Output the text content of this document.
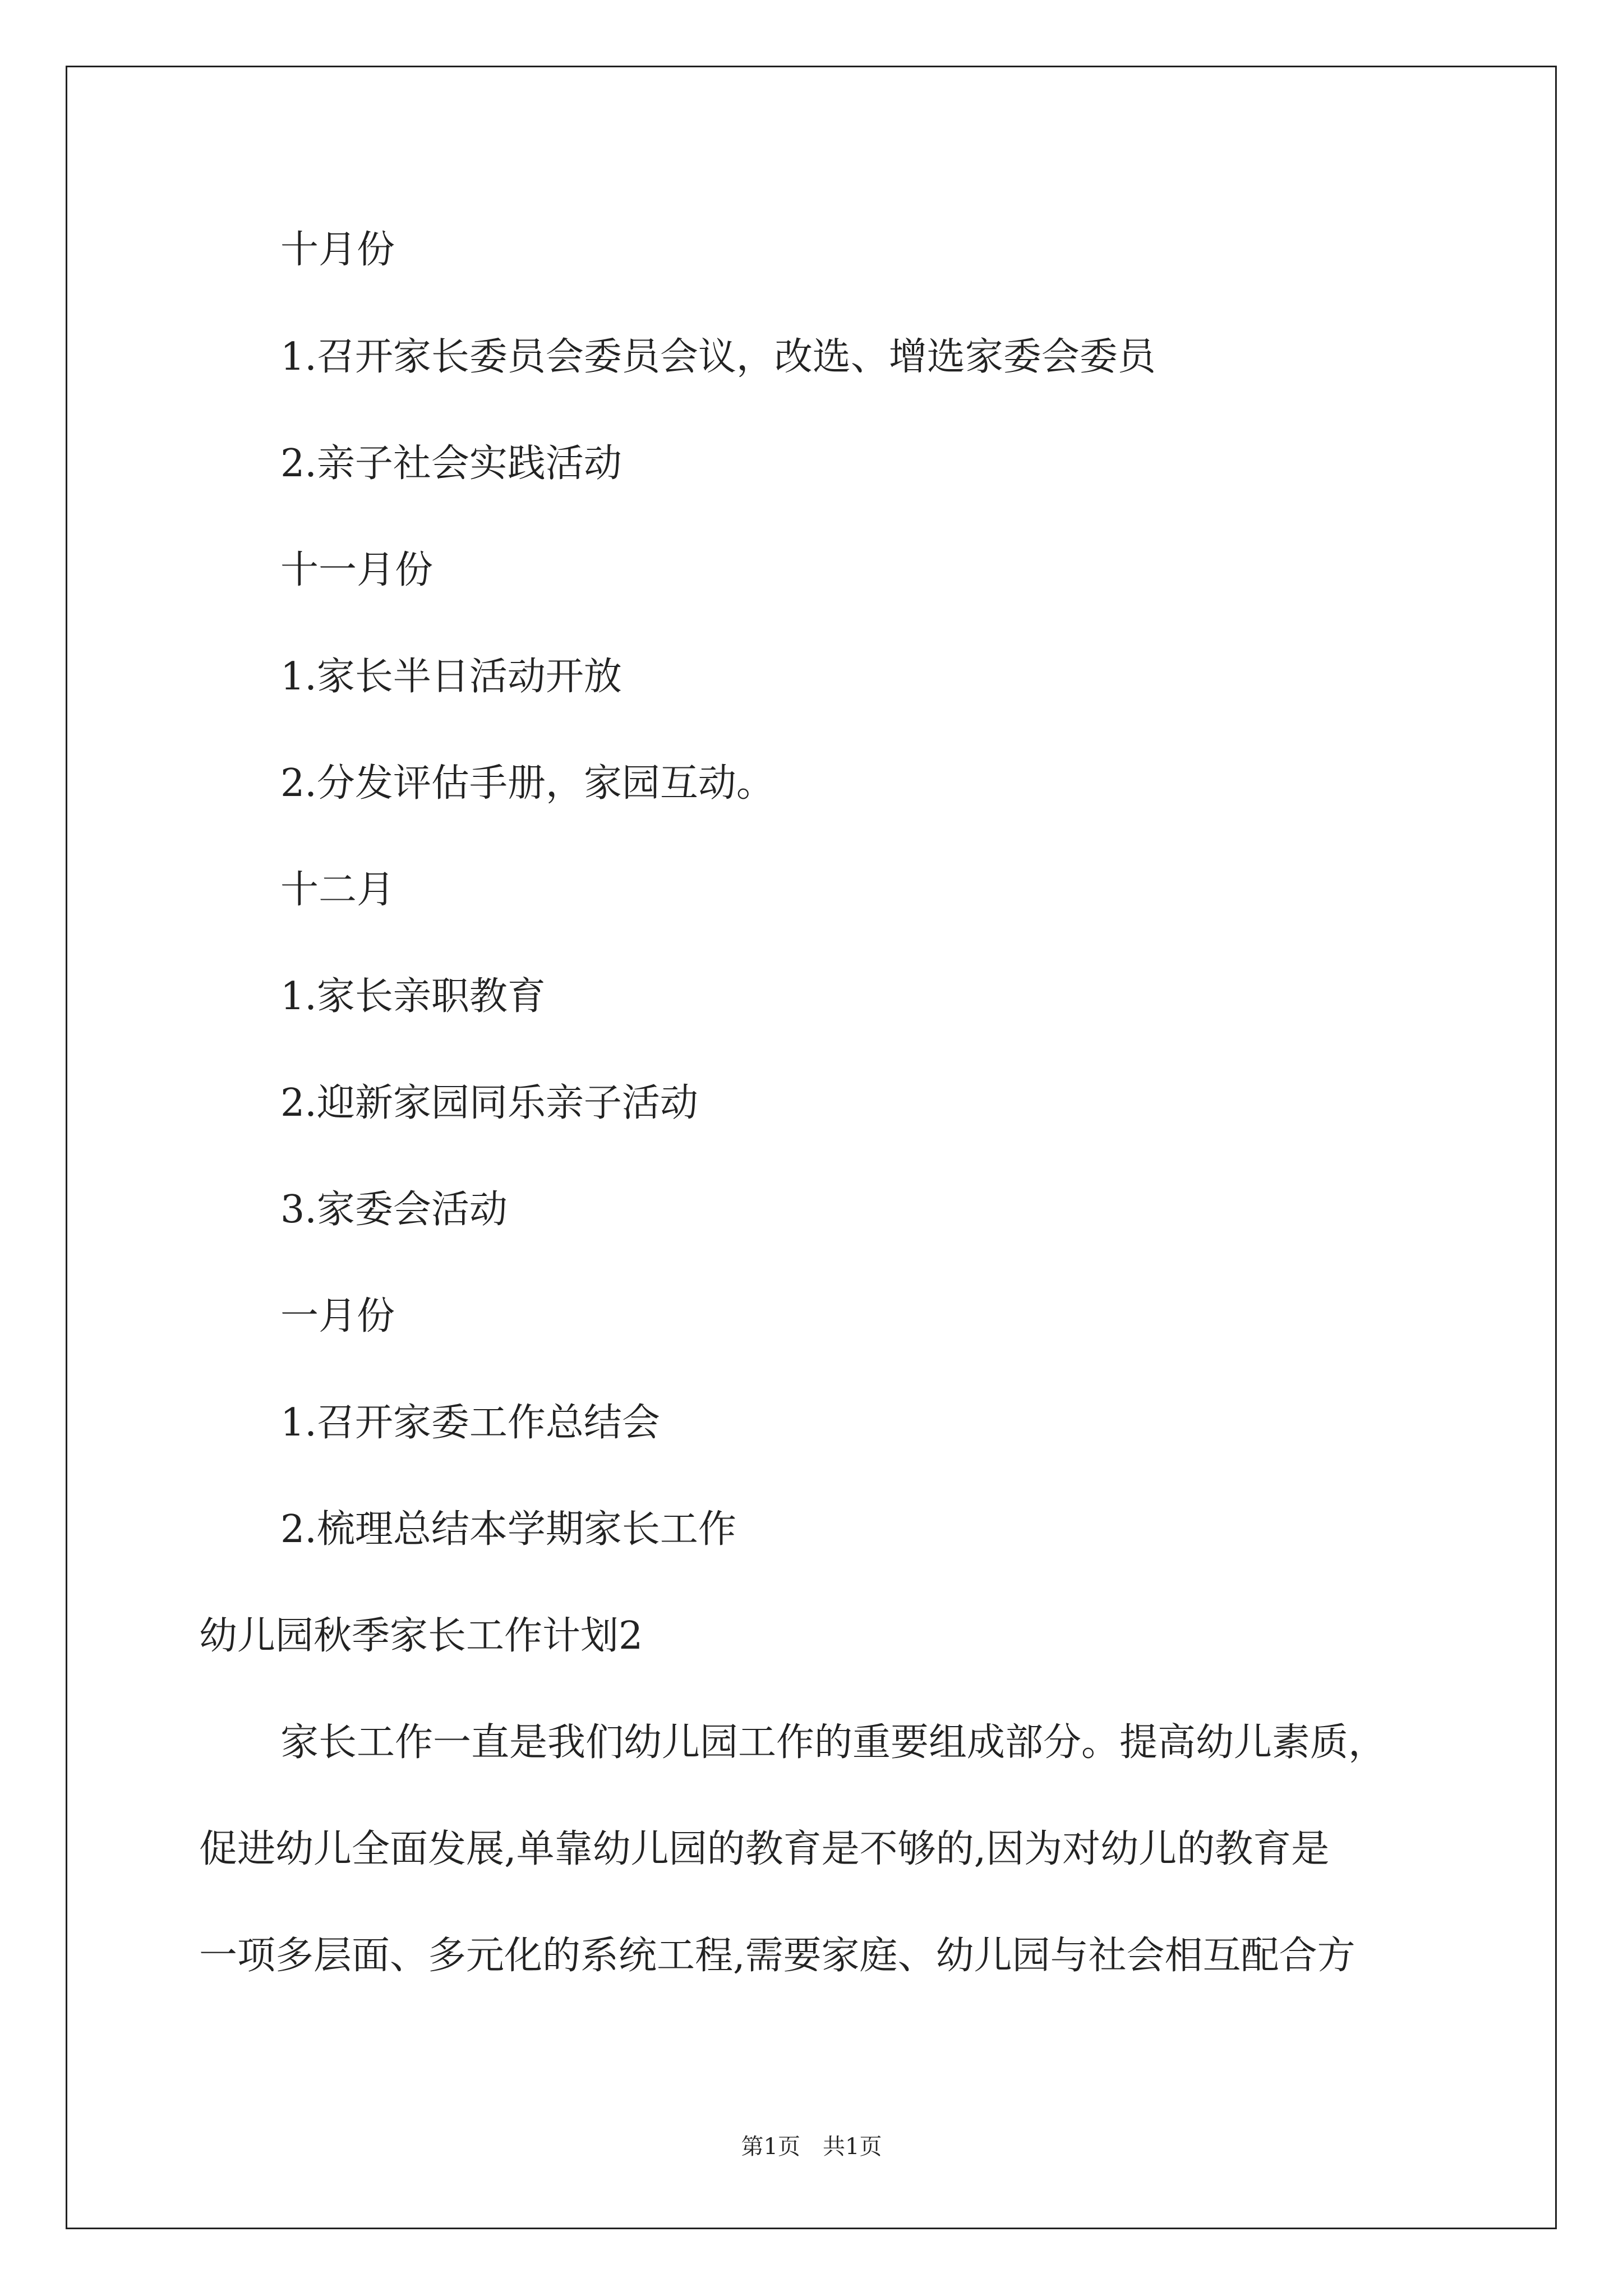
十月份

1.召开家长委员会委员会议，改选、增选家委会委员

2.亲子社会实践活动

十一月份

1.家长半日活动开放

2.分发评估手册，家园互动。

十二月

1.家长亲职教育

2.迎新家园同乐亲子活动

3.家委会活动

一月份

1.召开家委工作总结会

2.梳理总结本学期家长工作

幼儿园秋季家长工作计划2

家长工作一直是我们幼儿园工作的重要组成部分。提高幼儿素质，

促进幼儿全面发展,单靠幼儿园的教育是不够的,因为对幼儿的教育是

一项多层面、多元化的系统工程,需要家庭、幼儿园与社会相互配合方

第1页　共1页
